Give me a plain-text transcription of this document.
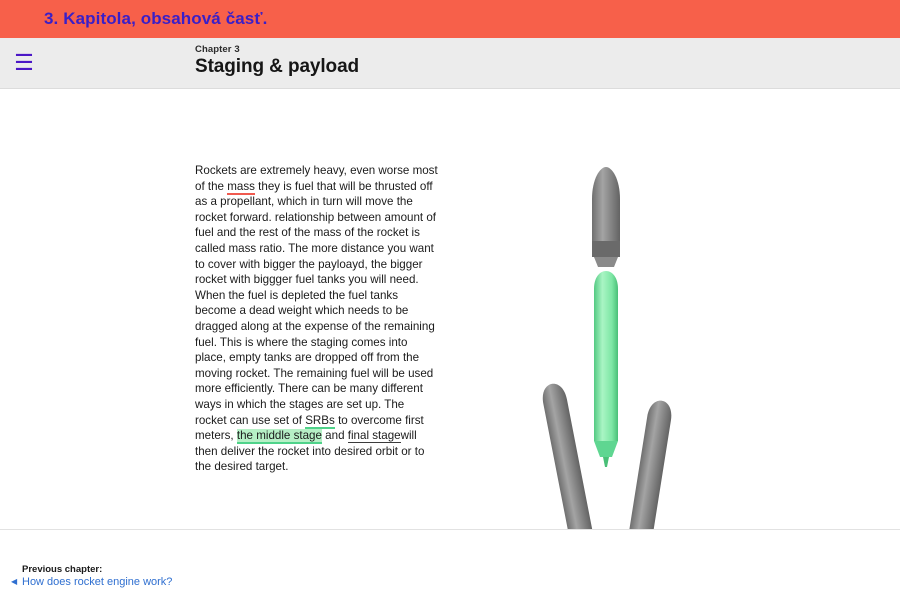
3. Kapitola, obsahová časť.
☰
Chapter 3
Staging & payload
Rockets are extremely heavy, even worse most of the mass they is fuel that will be thrusted off as a propellant, which in turn will move the rocket forward. relationship between amount of fuel and the rest of the mass of the rocket is called mass ratio. The more distance you want to cover with bigger the payloayd, the bigger rocket with biggger fuel tanks you will need. When the fuel is depleted the fuel tanks become a dead weight which needs to be dragged along at the expense of the remaining fuel. This is where the staging comes into place, empty tanks are dropped off from the moving rocket. The remaining fuel will be used more efficiently. There can be many different ways in which the stages are set up. The rocket can use set of SRBs to overcome first meters, the middle stage and final stagewill then deliver the rocket into desired orbit or to the desired target.
Previous chapter:
◀ How does rocket engine work?
